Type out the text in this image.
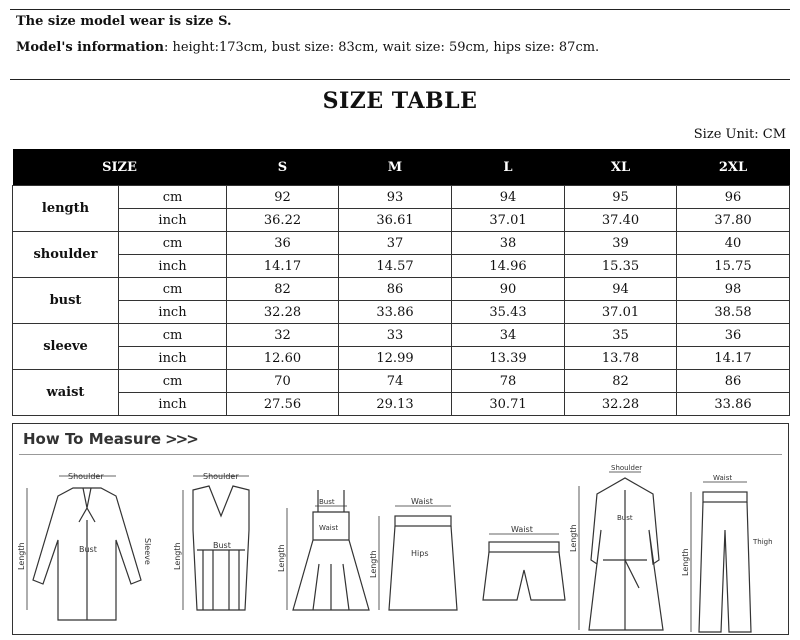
The size model wear is size S.
Model's information: height:173cm, bust size: 83cm, wait size: 59cm, hips size: 87cm.
SIZE TABLE
Size Unit: CM
SIZE		S	M	L	XL	2XL
length	cm	92	93	94	95	96
	inch	36.22	36.61	37.01	37.40	37.80
shoulder	cm	36	37	38	39	40
	inch	14.17	14.57	14.96	15.35	15.75
bust	cm	82	86	90	94	98
	inch	32.28	33.86	35.43	37.01	38.58
sleeve	cm	32	33	34	35	36
	inch	12.60	12.99	13.39	13.78	14.17
waist	cm	70	74	78	82	86
	inch	27.56	29.13	30.71	32.28	33.86
How To Measure >>>
Shoulder
Length	Bust	Sleeve
Shoulder
Length	Bust
Bust
Waist
Length
Waist
Hips
Length
Waist
Shoulder
Bust
Length
Waist
Thigh
Length
